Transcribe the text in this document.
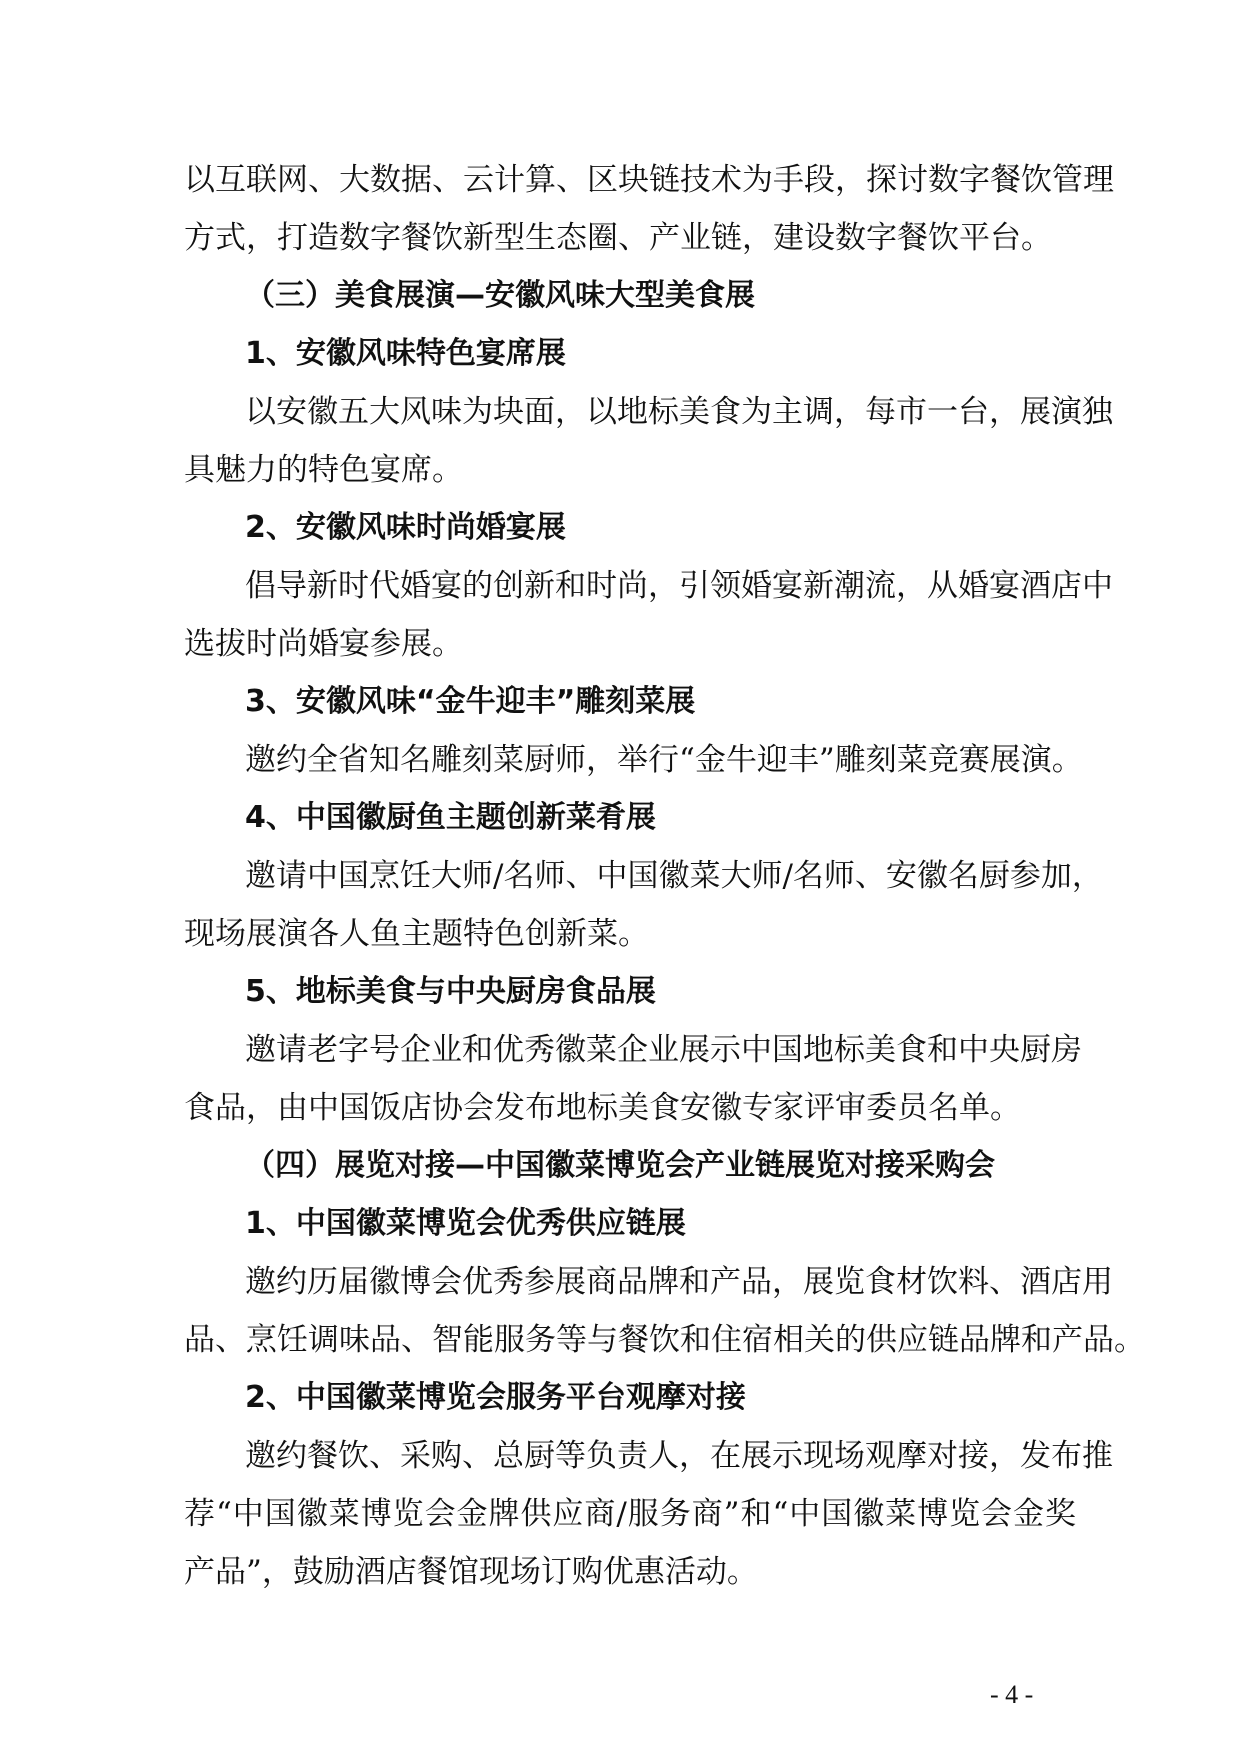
以互联网、大数据、云计算、区块链技术为手段，探讨数字餐饮管理
方式，打造数字餐饮新型生态圈、产业链，建设数字餐饮平台。
（三）美食展演—安徽风味大型美食展
1、安徽风味特色宴席展
以安徽五大风味为块面，以地标美食为主调，每市一台，展演独
具魅力的特色宴席。
2、安徽风味时尚婚宴展
倡导新时代婚宴的创新和时尚，引领婚宴新潮流，从婚宴酒店中
选拔时尚婚宴参展。
3、安徽风味“金牛迎丰”雕刻菜展
邀约全省知名雕刻菜厨师，举行“金牛迎丰”雕刻菜竞赛展演。
4、中国徽厨鱼主题创新菜肴展
邀请中国烹饪大师/名师、中国徽菜大师/名师、安徽名厨参加，
现场展演各人鱼主题特色创新菜。
5、地标美食与中央厨房食品展
邀请老字号企业和优秀徽菜企业展示中国地标美食和中央厨房
食品，由中国饭店协会发布地标美食安徽专家评审委员名单。
（四）展览对接—中国徽菜博览会产业链展览对接采购会
1、中国徽菜博览会优秀供应链展
邀约历届徽博会优秀参展商品牌和产品，展览食材饮料、酒店用
品、烹饪调味品、智能服务等与餐饮和住宿相关的供应链品牌和产品。
2、中国徽菜博览会服务平台观摩对接
邀约餐饮、采购、总厨等负责人，在展示现场观摩对接，发布推
荐“中国徽菜博览会金牌供应商/服务商”和“中国徽菜博览会金奖
产品”，鼓励酒店餐馆现场订购优惠活动。
- 4 -
